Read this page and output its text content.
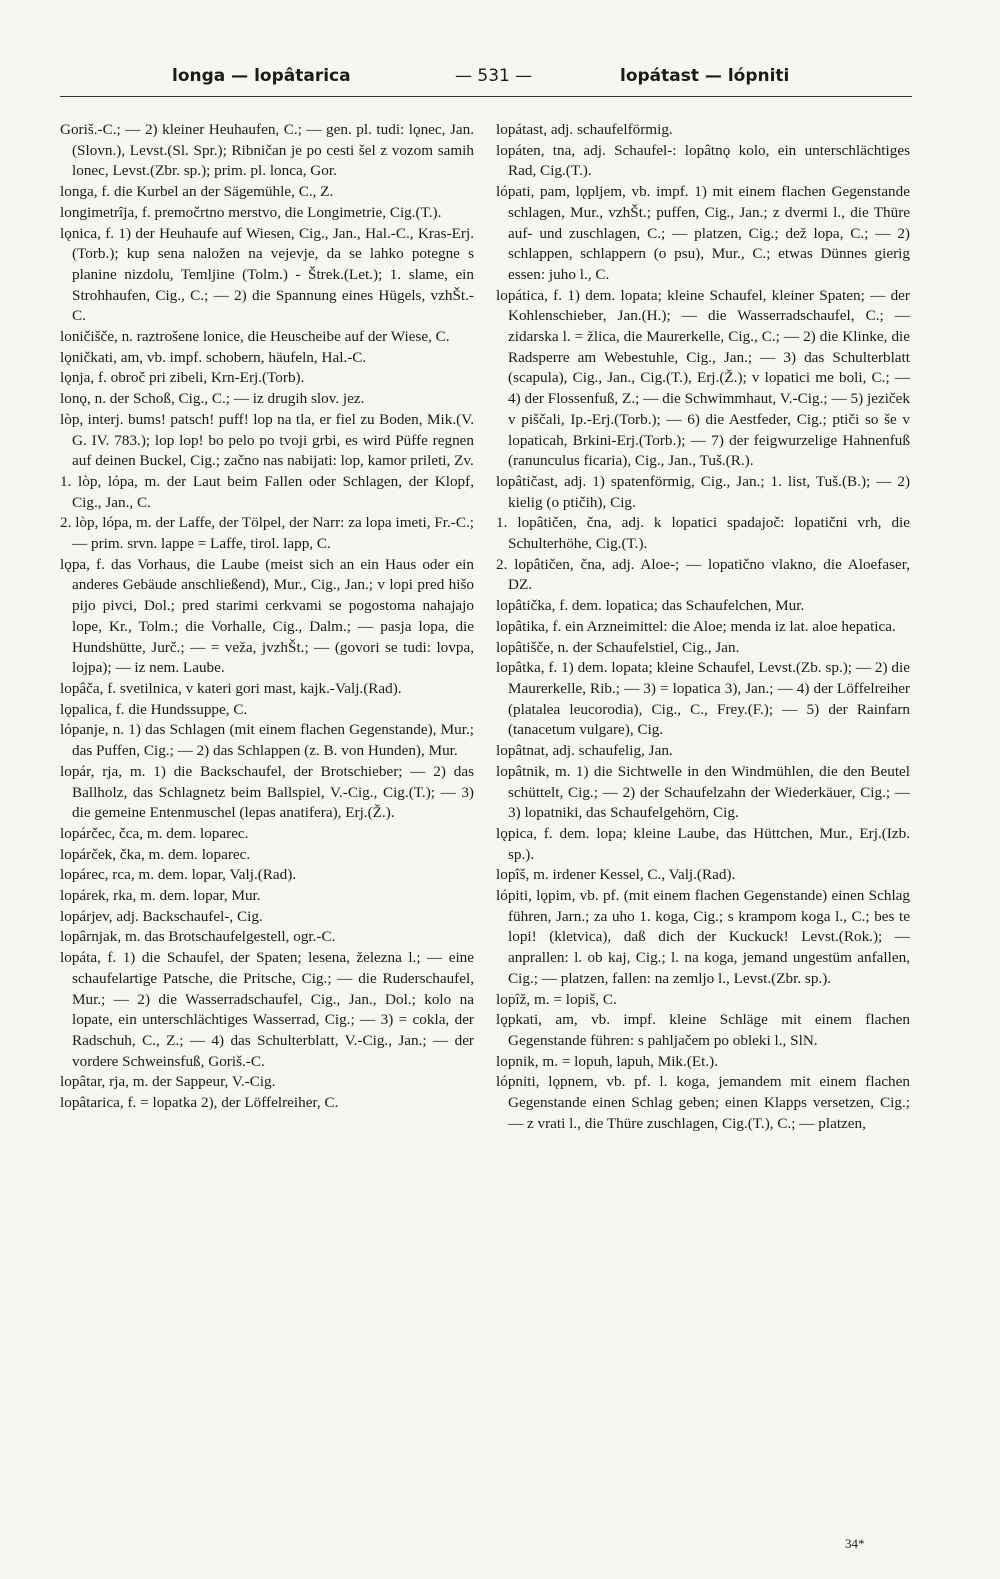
longa — lopâtarica	— 531 —	lopátast — lópniti

Goriš.-C.; — 2) kleiner Heuhaufen, C.; — gen. pl. tudi: lǫnec, Jan.(Slovn.), Levst.(Sl. Spr.); Ribničan je po cesti šel z vozom samih lonec, Levst.(Zbr. sp.); prim. pl. lonca, Gor.

longa, f. die Kurbel an der Sägemühle, C., Z.

longimetrîja, f. premočrtno merstvo, die Longimetrie, Cig.(T.).

lǫnica, f. 1) der Heuhaufe auf Wiesen, Cig., Jan., Hal.-C., Kras-Erj.(Torb.); kup sena naložen na vejevje, da se lahko potegne s planine nizdolu, Temljine (Tolm.) - Štrek.(Let.); 1. slame, ein Strohhaufen, Cig., C.; — 2) die Spannung eines Hügels, vzhŠt.-C.

loničišče, n. raztrošene lonice, die Heuscheibe auf der Wiese, C.

lǫničkati, am, vb. impf. schobern, häufeln, Hal.-C.

lǫnja, f. obroč pri zibeli, Krn-Erj.(Torb).

lonǫ, n. der Schoß, Cig., C.; — iz drugih slov. jez.

lòp, interj. bums! patsch! puff! lop na tla, er fiel zu Boden, Mik.(V. G. IV. 783.); lop lop! bo pelo po tvoji grbi, es wird Püffe regnen auf deinen Buckel, Cig.; začno nas nabijati: lop, kamor prileti, Zv.

1. lòp, lópa, m. der Laut beim Fallen oder Schlagen, der Klopf, Cig., Jan., C.

2. lòp, lópa, m. der Laffe, der Tölpel, der Narr: za lopa imeti, Fr.-C.; — prim. srvn. lappe = Laffe, tirol. lapp, C.

lǫpa, f. das Vorhaus, die Laube (meist sich an ein Haus oder ein anderes Gebäude anschließend), Mur., Cig., Jan.; v lopi pred hišo pijo pivci, Dol.; pred starimi cerkvami se pogostoma nahajajo lope, Kr., Tolm.; die Vorhalle, Cig., Dalm.; — pasja lopa, die Hundshütte, Jurč.; — = veža, jvzhŠt.; — (govori se tudi: lovpa, lojpa); — iz nem. Laube.

lopâča, f. svetilnica, v kateri gori mast, kajk.-Valj.(Rad).

lǫpalica, f. die Hundssuppe, C.

lópanje, n. 1) das Schlagen (mit einem flachen Gegenstande), Mur.; das Puffen, Cig.; — 2) das Schlappen (z. B. von Hunden), Mur.

lopár, rja, m. 1) die Backschaufel, der Brotschieber; — 2) das Ballholz, das Schlagnetz beim Ballspiel, V.-Cig., Cig.(T.); — 3) die gemeine Entenmuschel (lepas anatifera), Erj.(Ž.).

lopárčec, čca, m. dem. loparec.

lopárček, čka, m. dem. loparec.

lopárec, rca, m. dem. lopar, Valj.(Rad).

lopárek, rka, m. dem. lopar, Mur.

lopárjev, adj. Backschaufel-, Cig.

lopârnjak, m. das Brotschaufelgestell, ogr.-C.

lopáta, f. 1) die Schaufel, der Spaten; lesena, železna l.; — eine schaufelartige Patsche, die Pritsche, Cig.; — die Ruderschaufel, Mur.; — 2) die Wasserradschaufel, Cig., Jan., Dol.; kolo na lopate, ein unterschlächtiges Wasserrad, Cig.; — 3) = cokla, der Radschuh, C., Z.; — 4) das Schulterblatt, V.-Cig., Jan.; — der vordere Schweinsfuß, Goriš.-C.

lopâtar, rja, m. der Sappeur, V.-Cig.

lopâtarica, f. = lopatka 2), der Löffelreiher, C.

lopátast, adj. schaufelförmig.

lopáten, tna, adj. Schaufel-: lopâtnǫ kolo, ein unterschlächtiges Rad, Cig.(T.).

lópati, pam, lǫpljem, vb. impf. 1) mit einem flachen Gegenstande schlagen, Mur., vzhŠt.; puffen, Cig., Jan.; z dvermi l., die Thüre auf- und zuschlagen, C.; — platzen, Cig.; dež lopa, C.; — 2) schlappen, schlappern (o psu), Mur., C.; etwas Dünnes gierig essen: juho l., C.

lopática, f. 1) dem. lopata; kleine Schaufel, kleiner Spaten; — der Kohlenschieber, Jan.(H.); — die Wasserradschaufel, C.; — zidarska l. = žlica, die Maurerkelle, Cig., C.; — 2) die Klinke, die Radsperre am Webestuhle, Cig., Jan.; — 3) das Schulterblatt (scapula), Cig., Jan., Cig.(T.), Erj.(Ž.); v lopatici me boli, C.; — 4) der Flossenfuß, Z.; — die Schwimmhaut, V.-Cig.; — 5) jeziček v piščali, Ip.-Erj.(Torb.); — 6) die Aestfeder, Cig.; ptiči so še v lopaticah, Brkini-Erj.(Torb.); — 7) der feigwurzelige Hahnenfuß (ranunculus ficaria), Cig., Jan., Tuš.(R.).

lopâtičast, adj. 1) spatenförmig, Cig., Jan.; 1. list, Tuš.(B.); — 2) kielig (o ptičih), Cig.

1. lopâtičen, čna, adj. k lopatici spadajoč: lopatični vrh, die Schulterhöhe, Cig.(T.).

2. lopâtičen, čna, adj. Aloe-; — lopatično vlakno, die Aloefaser, DZ.

lopâtička, f. dem. lopatica; das Schaufelchen, Mur.

lopâtika, f. ein Arzneimittel: die Aloe; menda iz lat. aloe hepatica.

lopâtišče, n. der Schaufelstiel, Cig., Jan.

lopâtka, f. 1) dem. lopata; kleine Schaufel, Levst.(Zb. sp.); — 2) die Maurerkelle, Rib.; — 3) = lopatica 3), Jan.; — 4) der Löffelreiher (platalea leucorodia), Cig., C., Frey.(F.); — 5) der Rainfarn (tanacetum vulgare), Cig.

lopâtnat, adj. schaufelig, Jan.

lopâtnik, m. 1) die Sichtwelle in den Windmühlen, die den Beutel schüttelt, Cig.; — 2) der Schaufelzahn der Wiederkäuer, Cig.; — 3) lopatniki, das Schaufelgehörn, Cig.

lǫpica, f. dem. lopa; kleine Laube, das Hüttchen, Mur., Erj.(Izb. sp.).

lopîš, m. irdener Kessel, C., Valj.(Rad).

lópiti, lǫpim, vb. pf. (mit einem flachen Gegenstande) einen Schlag führen, Jarn.; za uho 1. koga, Cig.; s krampom koga l., C.; bes te lopi! (kletvica), daß dich der Kuckuck! Levst.(Rok.); — anprallen: l. ob kaj, Cig.; l. na koga, jemand ungestüm anfallen, Cig.; — platzen, fallen: na zemljo l., Levst.(Zbr. sp.).

lopîž, m. = lopiš, C.

lǫpkati, am, vb. impf. kleine Schläge mit einem flachen Gegenstande führen: s pahljačem po obleki l., SlN.

lopnik, m. = lopuh, lapuh, Mik.(Et.).

lópniti, lǫpnem, vb. pf. l. koga, jemandem mit einem flachen Gegenstande einen Schlag geben; einen Klapps versetzen, Cig.; — z vrati l., die Thüre zuschlagen, Cig.(T.), C.; — platzen,

34*
